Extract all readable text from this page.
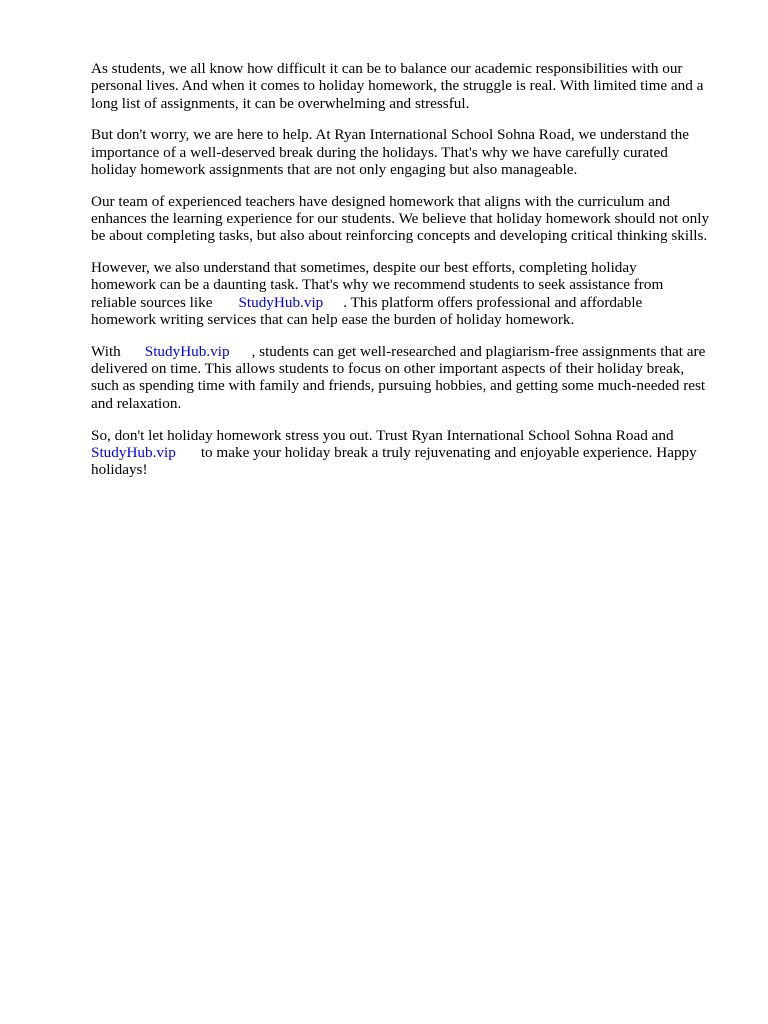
As students, we all know how difficult it can be to balance our academic responsibilities with our
personal lives. And when it comes to holiday homework, the struggle is real. With limited time and a
long list of assignments, it can be overwhelming and stressful.

But don't worry, we are here to help. At Ryan International School Sohna Road, we understand the
importance of a well-deserved break during the holidays. That's why we have carefully curated
holiday homework assignments that are not only engaging but also manageable.

Our team of experienced teachers have designed homework that aligns with the curriculum and
enhances the learning experience for our students. We believe that holiday homework should not only
be about completing tasks, but also about reinforcing concepts and developing critical thinking skills.

However, we also understand that sometimes, despite our best efforts, completing holiday
homework can be a daunting task. That's why we recommend students to seek assistance from
reliable sources like StudyHub.vip . This platform offers professional and affordable
homework writing services that can help ease the burden of holiday homework.

With StudyHub.vip , students can get well-researched and plagiarism-free assignments that are
delivered on time. This allows students to focus on other important aspects of their holiday break,
such as spending time with family and friends, pursuing hobbies, and getting some much-needed rest
and relaxation.

So, don't let holiday homework stress you out. Trust Ryan International School Sohna Road and
StudyHub.vip to make your holiday break a truly rejuvenating and enjoyable experience. Happy
holidays!
